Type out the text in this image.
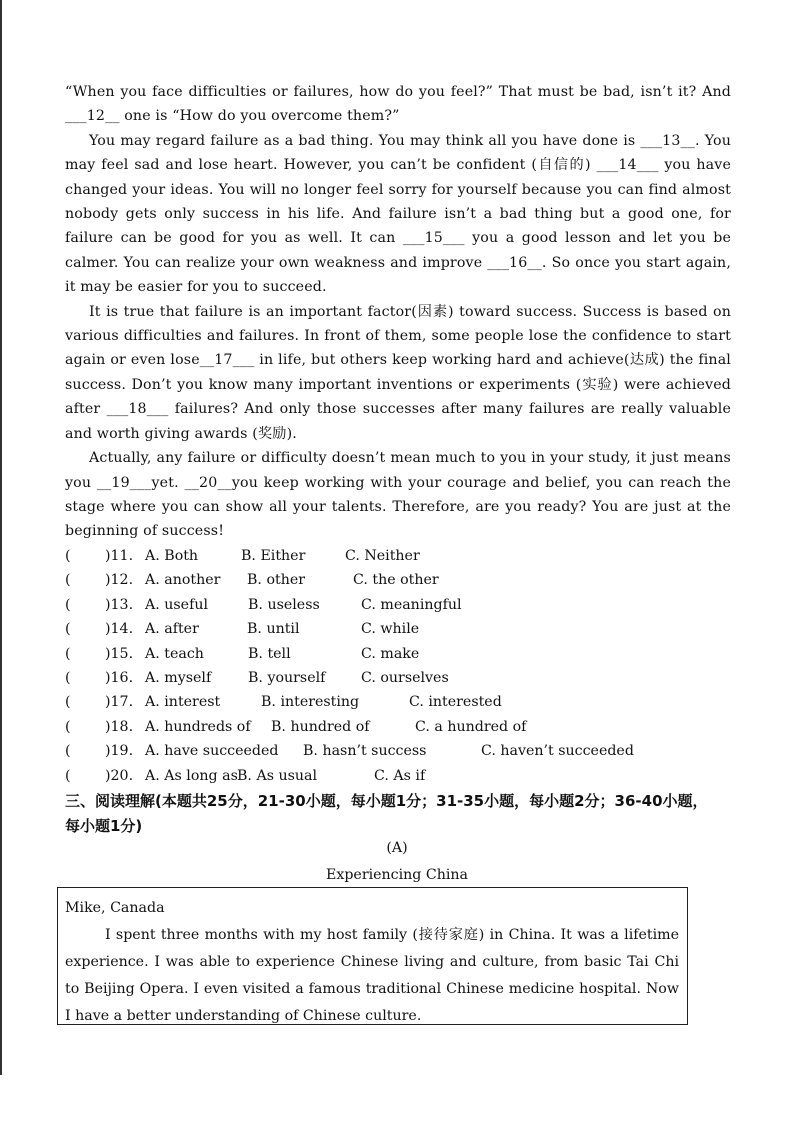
“When you face difficulties or failures, how do you feel?” That must be bad, isn’t it? And ___12__ one is “How do you overcome them?”

You may regard failure as a bad thing. You may think all you have done is ___13__. You may feel sad and lose heart. However, you can’t be confident (自信的) ___14___ you have changed your ideas. You will no longer feel sorry for yourself because you can find almost nobody gets only success in his life. And failure isn’t a bad thing but a good one, for failure can be good for you as well. It can ___15___ you a good lesson and let you be calmer. You can realize your own weakness and improve ___16__. So once you start again, it may be easier for you to succeed.

It is true that failure is an important factor(因素) toward success. Success is based on various difficulties and failures. In front of them, some people lose the confidence to start again or even lose__17___ in life, but others keep working hard and achieve(达成) the final success. Don’t you know many important inventions or experiments (实验) were achieved after ___18___ failures? And only those successes after many failures are really valuable and worth giving awards (奖励).

Actually, any failure or difficulty doesn’t mean much to you in your study, it just means you __19___yet. __20__you keep working with your courage and belief, you can reach the stage where you can show all your talents. Therefore, are you ready? You are just at the beginning of success!

( )11. A. Both	B. Either	C. Neither
( )12. A. another B. other	C. the other
( )13. A. useful	B. useless	C. meaningful
( )14. A. after	B. until	C. while
( )15. A. teach	B. tell	C. make
( )16. A. myself	B. yourself	C. ourselves
( )17. A. interest	B. interesting	C. interested
( )18. A. hundreds of B. hundred of	C. a hundred of
( )19. A. have succeeded B. hasn’t success	C. haven’t succeeded
( )20. A. As long as B. As usual	C. As if
三、阅读理解(本题共25分，21-30小题，每小题1分；31-35小题，每小题2分；36-40小题，
每小题1分)
(A)
Experiencing China

Mike, Canada

I spent three months with my host family (接待家庭) in China. It was a lifetime experience. I was able to experience Chinese living and culture, from basic Tai Chi to Beijing Opera. I even visited a famous traditional Chinese medicine hospital. Now I have a better understanding of Chinese culture.
